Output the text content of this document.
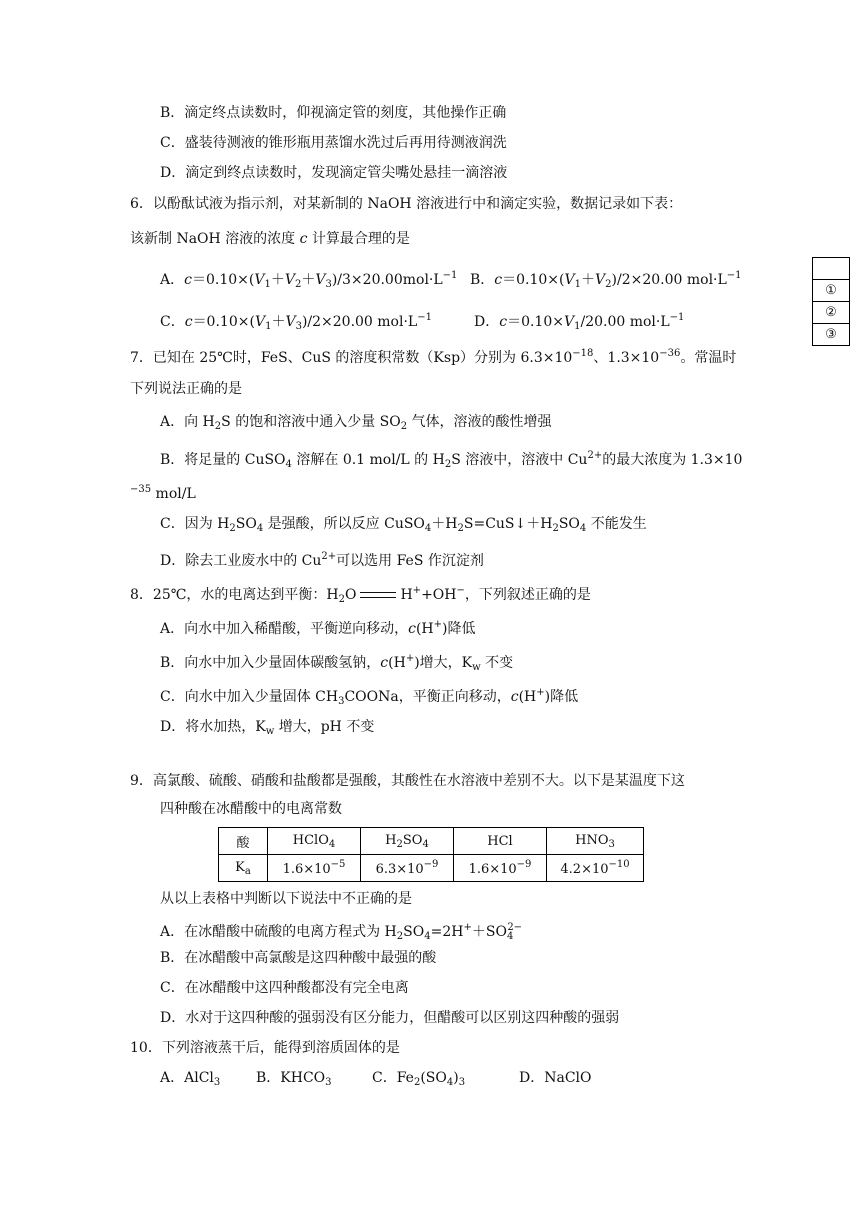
B．滴定终点读数时，仰视滴定管的刻度，其他操作正确
C．盛装待测液的锥形瓶用蒸馏水洗过后再用待测液润洗
D．滴定到终点读数时，发现滴定管尖嘴处悬挂一滴溶液
6．以酚酞试液为指示剂，对某新制的 NaOH 溶液进行中和滴定实验，数据记录如下表：
该新制 NaOH 溶液的浓度 c 计算最合理的是
A．$c=0.10\times(V_1+V_2+V_3)/3\times 20.00mol\cdot L^{-1}$ B．$c=0.10\times(V_1+V_2)/2\times 20.00$ $mol\cdot L^{-1}$
C．$c=0.10\times(V_1+V_3)/2\times 20.00$ $mol\cdot L^{-1}$	D．$c=0.10\times V_1/20.00$ $mol\cdot L^{-1}$

①
②
③
7．已知在 25℃时，FeS、CuS 的溶度积常数（Ksp）分别为 $6.3\times 10^{-18}$、$1.3\times 10^{-36}$。常温时
下列说法正确的是
A．向 $H_2S$ 的饱和溶液中通入少量 $SO_2$ 气体，溶液的酸性增强
B．将足量的 CuSO$_4$ 溶解在 0.1 mol/L 的 $H_2S$ 溶液中，溶液中 $Cu^{2+}$的最大浓度为 1.3×10
$^{-35}$ mol/L
C．因为 $H_2SO_4$ 是强酸，所以反应 $CuSO_4+H_2S=CuS↓+H_2SO_4$ 不能发生
D．除去工业废水中的 $Cu^{2+}$可以选用 FeS 作沉淀剂
8．25℃，水的电离达到平衡：$H_2O$	H++OH−，下列叙述正确的是
A．向水中加入稀醋酸，平衡逆向移动，c(H+)降低
B．向水中加入少量固体碳酸氢钠，c(H+)增大，$K_w$ 不变
C．向水中加入少量固体 $CH_3COONa$，平衡正向移动，c(H+)降低
D．将水加热，$K_w$ 增大，pH 不变
9．高氯酸、硫酸、硝酸和盐酸都是强酸，其酸性在水溶液中差别不大。以下是某温度下这
四种酸在冰醋酸中的电离常数
酸	HClO$_4$	$H_2SO_4$	HCl	$HNO_3$
$K_a$	$1.6\times 10^{-5}$	$6.3\times 10^{-9}$	$1.6\times 10^{-9}$	$4.2\times 10^{-10}$
从以上表格中判断以下说法中不正确的是
A．在冰醋酸中硫酸的电离方程式为 $H_2SO_4=2H^++SO_4^{2-}$
B．在冰醋酸中高氯酸是这四种酸中最强的酸
C．在冰醋酸中这四种酸都没有完全电离
D．水对于这四种酸的强弱没有区分能力，但醋酸可以区别这四种酸的强弱
10．下列溶液蒸干后，能得到溶质固体的是
A．AlCl$_3$	B．$KHCO_3$	C．$Fe_2(SO_4)_3$	D．NaClO
